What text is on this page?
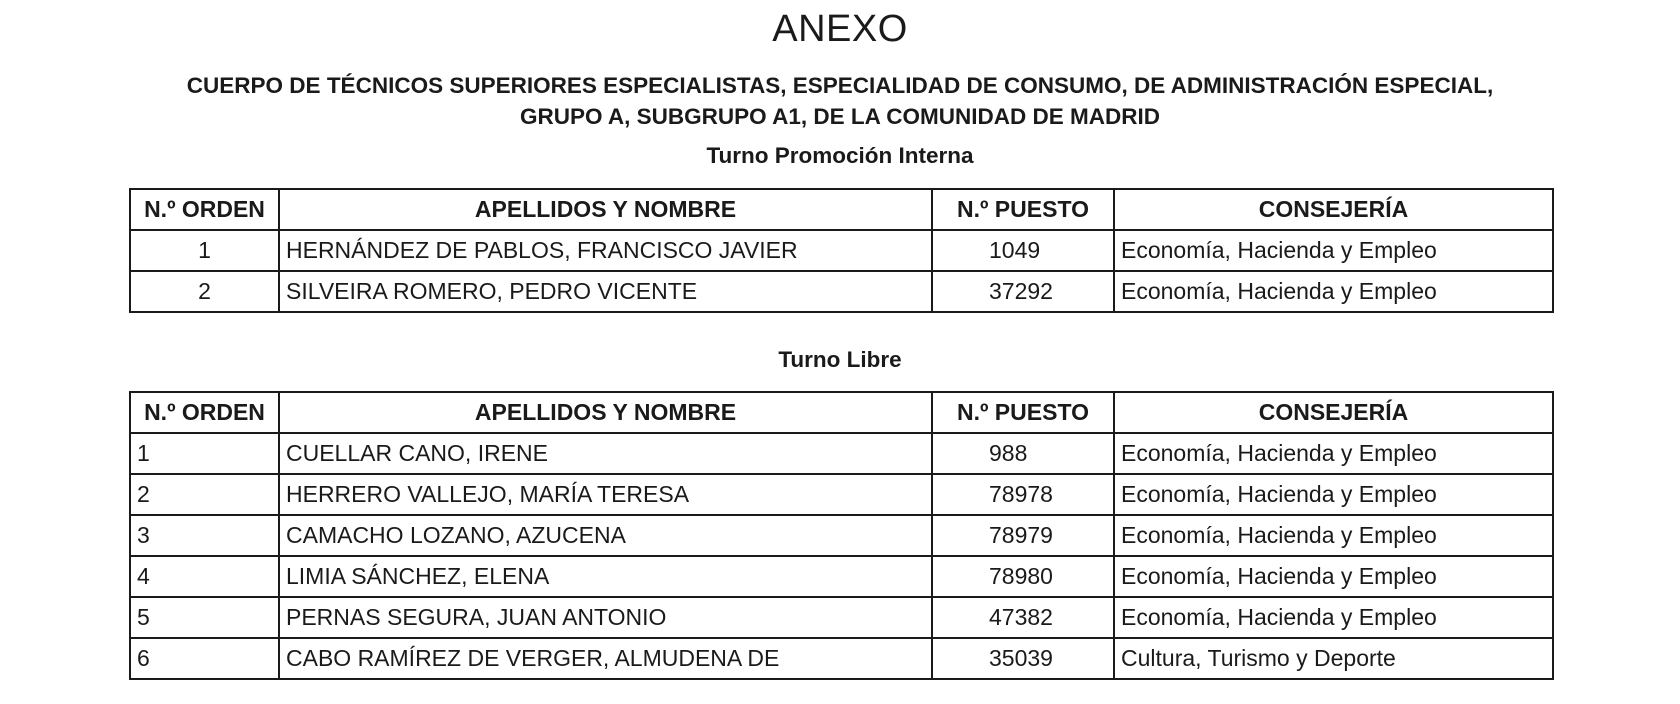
ANEXO
CUERPO DE TÉCNICOS SUPERIORES ESPECIALISTAS, ESPECIALIDAD DE CONSUMO, DE ADMINISTRACIÓN ESPECIAL,
GRUPO A, SUBGRUPO A1, DE LA COMUNIDAD DE MADRID
Turno Promoción Interna
N.º ORDEN	APELLIDOS Y NOMBRE	N.º PUESTO	CONSEJERÍA
1	HERNÁNDEZ DE PABLOS, FRANCISCO JAVIER	1049	Economía, Hacienda y Empleo
2	SILVEIRA ROMERO, PEDRO VICENTE	37292	Economía, Hacienda y Empleo
Turno Libre
N.º ORDEN	APELLIDOS Y NOMBRE	N.º PUESTO	CONSEJERÍA
1	CUELLAR CANO, IRENE	988	Economía, Hacienda y Empleo
2	HERRERO VALLEJO, MARÍA TERESA	78978	Economía, Hacienda y Empleo
3	CAMACHO LOZANO, AZUCENA	78979	Economía, Hacienda y Empleo
4	LIMIA SÁNCHEZ, ELENA	78980	Economía, Hacienda y Empleo
5	PERNAS SEGURA, JUAN ANTONIO	47382	Economía, Hacienda y Empleo
6	CABO RAMÍREZ DE VERGER, ALMUDENA DE	35039	Cultura, Turismo y Deporte
